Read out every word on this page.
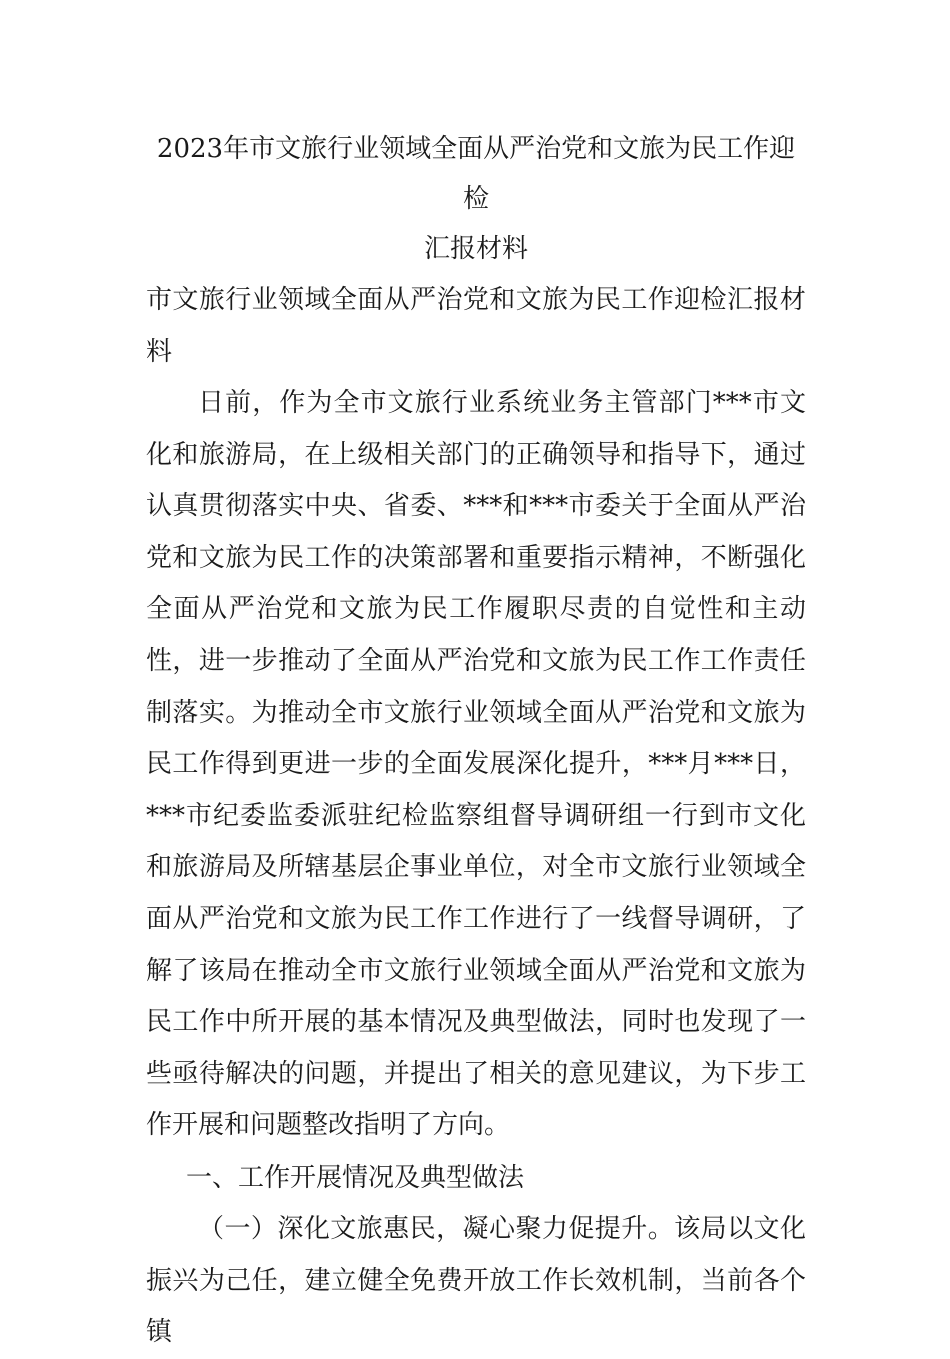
2023年市文旅行业领域全面从严治党和文旅为民工作迎检
汇报材料

市文旅行业领域全面从严治党和文旅为民工作迎检汇报材料

日前，作为全市文旅行业系统业务主管部门***市文化和旅游局，在上级相关部门的正确领导和指导下，通过认真贯彻落实中央、省委、***和***市委关于全面从严治党和文旅为民工作的决策部署和重要指示精神，不断强化全面从严治党和文旅为民工作履职尽责的自觉性和主动性，进一步推动了全面从严治党和文旅为民工作工作责任制落实。为推动全市文旅行业领域全面从严治党和文旅为民工作得到更进一步的全面发展深化提升，***月***日，***市纪委监委派驻纪检监察组督导调研组一行到市文化和旅游局及所辖基层企事业单位，对全市文旅行业领域全面从严治党和文旅为民工作工作进行了一线督导调研，了解了该局在推动全市文旅行业领域全面从严治党和文旅为民工作中所开展的基本情况及典型做法，同时也发现了一些亟待解决的问题，并提出了相关的意见建议，为下步工作开展和问题整改指明了方向。

一、工作开展情况及典型做法

（一）深化文旅惠民，凝心聚力促提升。该局以文化振兴为己任，建立健全免费开放工作长效机制，当前各个镇
